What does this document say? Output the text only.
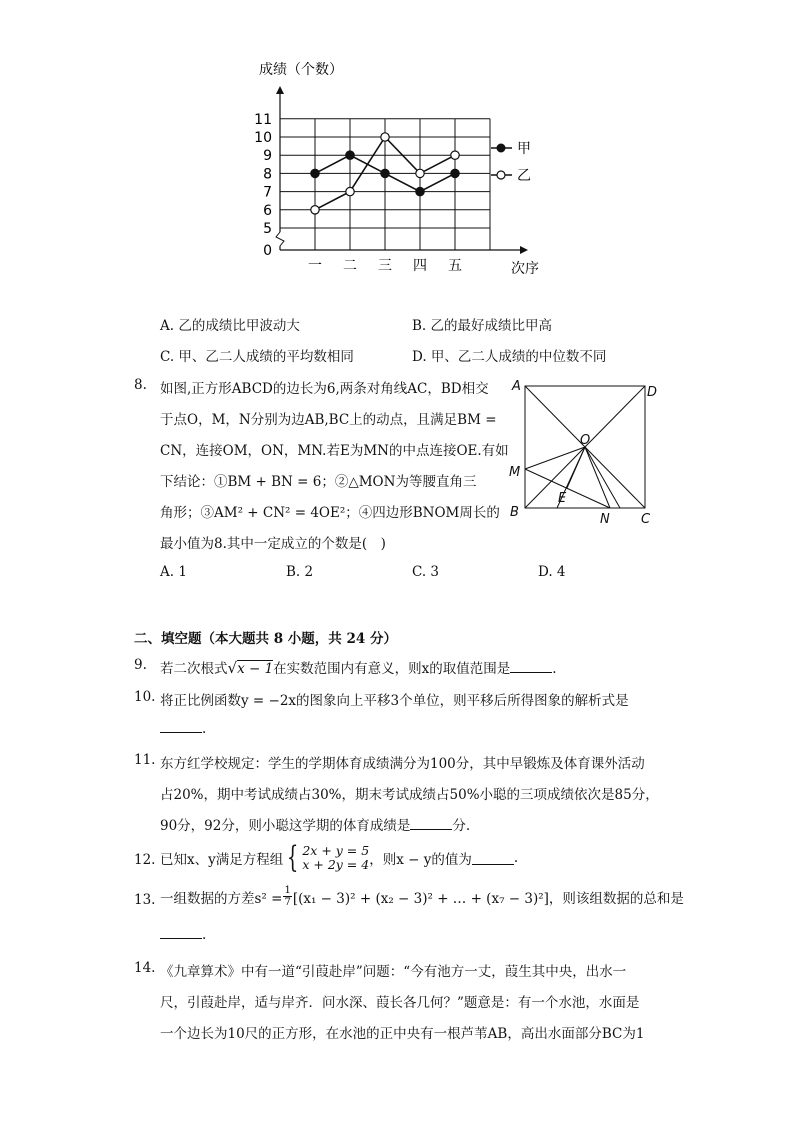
成绩（个数）
0
5
6
7
8
9
10
11
一 二 三 四 五	次序
甲
乙
A. 乙的成绩比甲波动大	B. 乙的最好成绩比甲高
C. 甲、乙二人成绩的平均数相同	D. 甲、乙二人成绩的中位数不同
8. 如图,正方形ABCD的边长为6,两条对角线AC，BD相交
于点O，M，N分别为边AB,BC上的动点，且满足BM =
CN，连接OM，ON，MN.若E为MN的中点连接OE.有如
下结论：①BM + BN = 6；②△MON为等腰直角三
角形；③AM² + CN² = 4OE²；④四边形BNOM周长的
最小值为8.其中一定成立的个数是(　)
A. 1	B. 2	C. 3	D. 4
A	D
O
M
E
B	N C
二、填空题（本大题共 8 小题，共 24 分）
9. 若二次根式√x − 1在实数范围内有意义，则x的取值范围是	.
10. 将正比例函数y = −2x的图象向上平移3个单位，则平移后所得图象的解析式是
.
11. 东方红学校规定：学生的学期体育成绩满分为100分，其中早锻炼及体育课外活动
占20%，期中考试成绩占30%，期末考试成绩占50%小聪的三项成绩依次是85分，
90分，92分，则小聪这学期的体育成绩是	分.
12. 已知x、y满足方程组 { 2x + y = 5
x + 2y = 4 ，则x − y的值为	.
13. 一组数据的方差$s^2 = \frac{1}{7} [(x_1 - 3)^2 + (x_2 - 3)^2$ + … + (x₇ − 3)²]，则该组数据的总和是
.
14. 《九章算术》中有一道“引葭赴岸”问题：“今有池方一丈，葭生其中央，出水一
尺，引葭赴岸，适与岸齐．问水深、葭长各几何？”题意是：有一个水池，水面是
一个边长为10尺的正方形，在水池的正中央有一根芦苇AB，高出水面部分BC为1
